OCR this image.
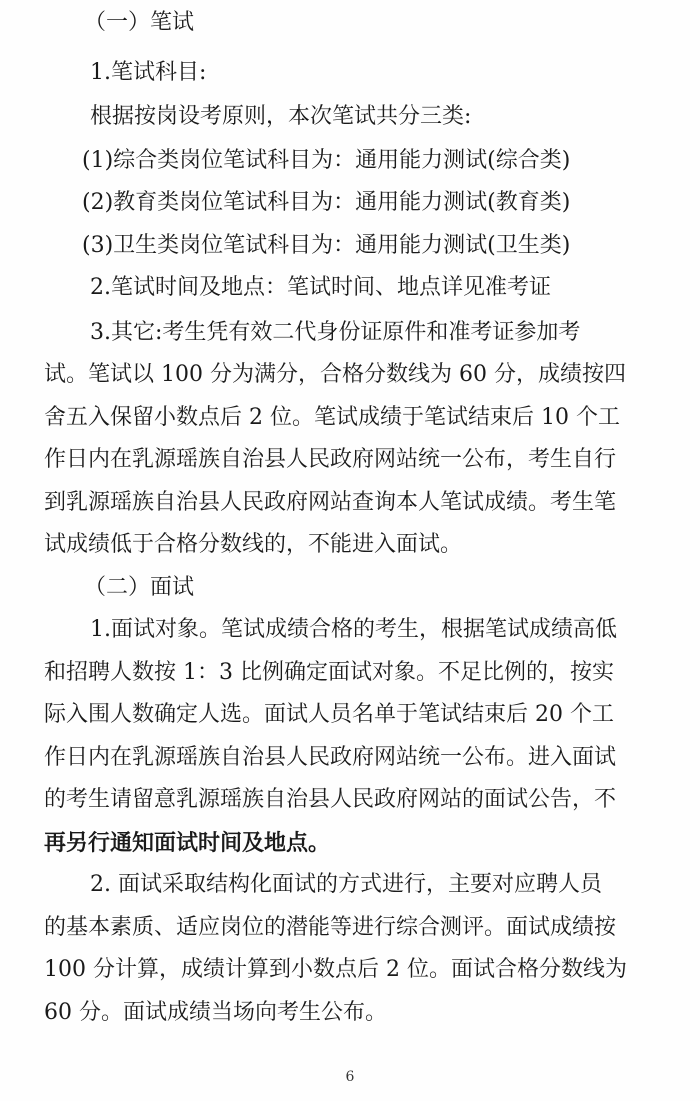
（一）笔试
1.笔试科目:
根据按岗设考原则，本次笔试共分三类:
(1)综合类岗位笔试科目为：通用能力测试(综合类)
(2)教育类岗位笔试科目为：通用能力测试(教育类)
(3)卫生类岗位笔试科目为：通用能力测试(卫生类)
2.笔试时间及地点：笔试时间、地点详见准考证
3.其它:考生凭有效二代身份证原件和准考证参加考
试。笔试以 100 分为满分，合格分数线为 60 分，成绩按四
舍五入保留小数点后 2 位。笔试成绩于笔试结束后 10 个工
作日内在乳源瑶族自治县人民政府网站统一公布，考生自行
到乳源瑶族自治县人民政府网站查询本人笔试成绩。考生笔
试成绩低于合格分数线的，不能进入面试。
（二）面试
1.面试对象。笔试成绩合格的考生，根据笔试成绩高低
和招聘人数按 1：3 比例确定面试对象。不足比例的，按实
际入围人数确定人选。面试人员名单于笔试结束后 20 个工
作日内在乳源瑶族自治县人民政府网站统一公布。进入面试
的考生请留意乳源瑶族自治县人民政府网站的面试公告，不
再另行通知面试时间及地点。
2. 面试采取结构化面试的方式进行，主要对应聘人员
的基本素质、适应岗位的潜能等进行综合测评。面试成绩按
100 分计算，成绩计算到小数点后 2 位。面试合格分数线为
60 分。面试成绩当场向考生公布。
6
